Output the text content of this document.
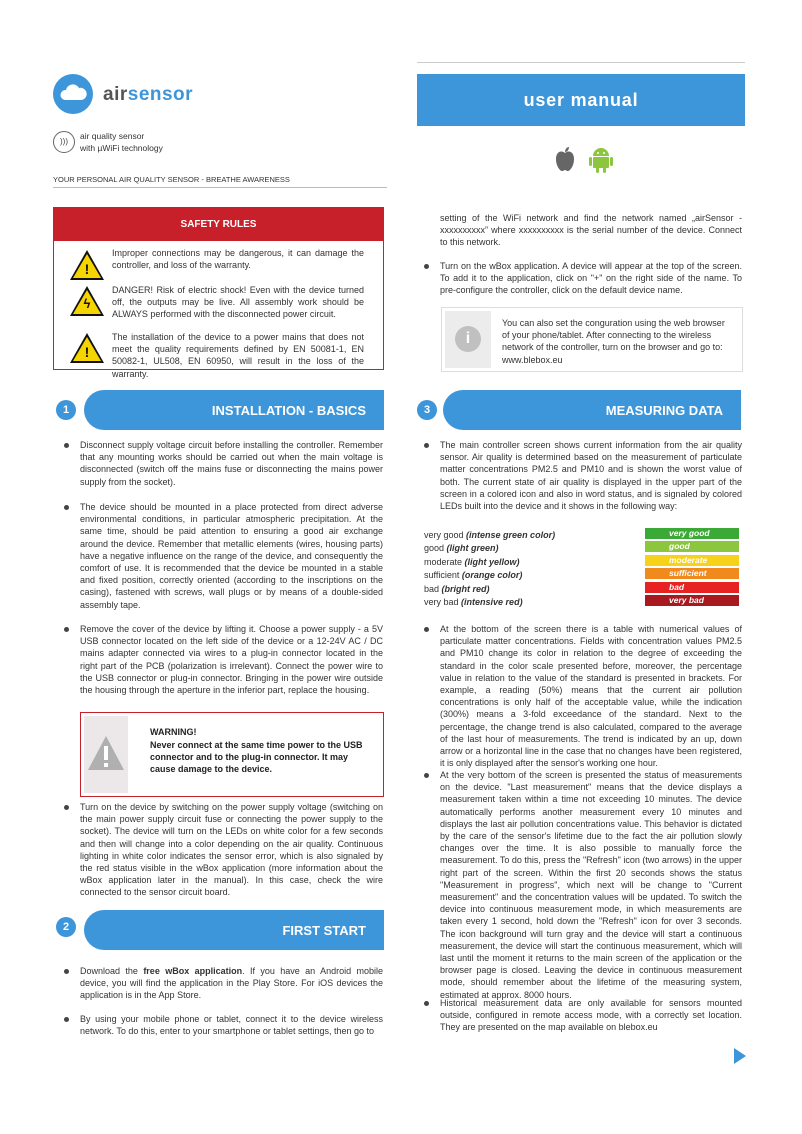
airsensor
)))
air quality sensor
with µWiFi technology
YOUR PERSONAL AIR QUALITY SENSOR - BREATHE AWARENESS
user manual
SAFETY RULES
!

Improper connections may be dangerous, it can damage the controller, and loss of the warranty.

ϟ

DANGER! Risk of electric shock! Even with the device turned off, the outputs may be live. All assembly work should be ALWAYS performed with the disconnected power circuit.

!

The installation of the device to a power mains that does not meet the quality requirements defined by EN 50081-1, EN 50082-1, UL508, EN 60950, will result in the loss of the warranty.

INSTALLATION - BASICS
1

Disconnect supply voltage circuit before installing the controller. Remember that any mounting works should be carried out when the main voltage is disconnected (switch off the mains fuse or disconnecting the mains power supply from the socket).

The device should be mounted in a place protected from direct adverse environmental conditions, in particular atmospheric precipitation. At the same time, should be paid attention to ensuring a good air exchange around the device. Remember that metallic elements (wires, housing parts) have a negative influence on the range of the device, and consequently the comfort of use. It is recommended that the device be mounted in a stable and fixed position, correctly oriented (according to the inscriptions on the casing), fastened with screws, wall plugs or by means of a double-sided assembly tape.

Remove the cover of the device by lifting it. Choose a power supply - a 5V USB connector located on the left side of the device or a 12-24V AC / DC mains adapter connected via wires to a plug-in connector located in the right part of the PCB (polarization is irrelevant). Connect the power wire to the USB connector or plug-in connector. Bringing in the power wire outside the housing through the aperture in the inferior part, replace the housing.

WARNING!

Never connect at the same time power to the USB connector and to the plug-in connector. It may cause damage to the device.

Turn on the device by switching on the power supply voltage (switching on the main power supply circuit fuse or connecting the power supply to the socket). The device will turn on the LEDs on white color for a few seconds and then will change into a color depending on the air quality. Continuous lighting in white color indicates the sensor error, which is also signaled by the red status visible in the wBox application (more information about the wBox application later in the manual). In this case, check the wire connected to the sensor circuit board.

FIRST START
2

Download the free wBox application. If you have an Android mobile device, you will find the application in the Play Store. For iOS devices the application is in the App Store.

By using your mobile phone or tablet, connect it to the device wireless network. To do this, enter to your smartphone or tablet settings, then go to

setting of the WiFi network and find the network named „airSensor -xxxxxxxxxx” where xxxxxxxxxx is the serial number of the device. Connect to this network.

Turn on the wBox application. A device will appear at the top of the screen. To add it to the application, click on "+" on the right side of the name. To pre-configure the controller, click on the default device name.

i

You can also set the conguration using the web browser of your phone/tablet. After connecting to the wireless network of the controller, turn on the browser and go to: www.blebox.eu

MEASURING DATA
3

The main controller screen shows current information from the air quality sensor. Air quality is determined based on the measurement of particulate matter concentrations PM2.5 and PM10 and is shown the worst value of both. The current state of air quality is displayed in the upper part of the screen in a colored icon and also in word status, and is signaled by colored LEDs built into the device and it shows in the following way:

very good (intense green color)	very good
good (light green)	good
moderate (light yellow)	moderate
sufficient (orange color)	sufficient
bad (bright red)	bad
very bad (intensive red)	very bad

At the bottom of the screen there is a table with numerical values of particulate matter concentrations. Fields with concentration values PM2.5 and PM10 change its color in relation to the degree of exceeding the standard in the color scale presented before, moreover, the percentage value in relation to the value of the standard is presented in brackets. For example, a reading (50%) means that the current air pollution concentrations is only half of the acceptable value, while the indication (300%) means a 3-fold exceedance of the standard. Next to the percentage, the change trend is also calculated, compared to the average of the last hour of measurements. The trend is indicated by an up, down arrow or a horizontal line in the case that no changes have been registered, it is only displayed after the sensor's working one hour.

At the very bottom of the screen is presented the status of measurements on the device. "Last measurement" means that the device displays a measurement taken within a time not exceeding 10 minutes. The device automatically performs another measurement every 10 minutes and displays the last air pollution concentrations value. This behavior is dictated by the care of the sensor's lifetime due to the fact the air pollution slowly changes over the time. It is also possible to manually force the measurement. To do this, press the "Refresh" icon (two arrows) in the upper right part of the screen. Within the first 20 seconds shows the status "Measurement in progress", which next will be change to "Current measurement" and the concentration values will be updated. To switch the device into continuous measurement mode, in which measurements are taken every 1 second, hold down the "Refresh" icon for over 3 seconds. The icon background will turn gray and the device will start a continuous measurement, the device will start the continuous measurement, which will last until the moment it returns to the main screen of the application or the browser page is closed. Leaving the device in continuous measurement mode, should remember about the lifetime of the measuring system, estimated at approx. 8000 hours.

Historical measurement data are only available for sensors mounted outside, configured in remote access mode, with a correctly set location. They are presented on the map available on blebox.eu
